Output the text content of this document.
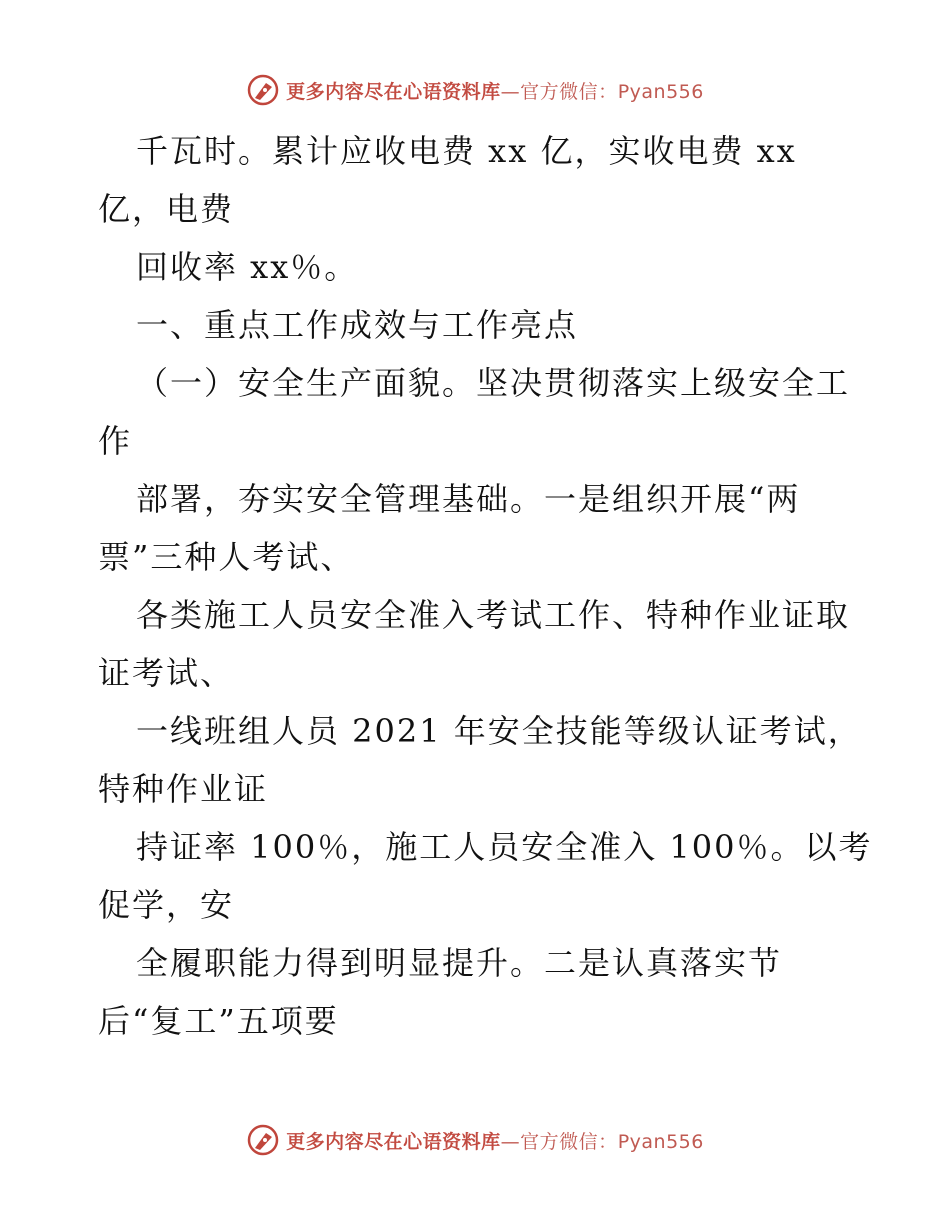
更多内容尽在心语资料库—官方微信：Pyan556
千瓦时。累计应收电费 xx 亿，实收电费 xx
亿，电费
回收率 xx％。
一、重点工作成效与工作亮点
（一）安全生产面貌。坚决贯彻落实上级安全工
作
部署，夯实安全管理基础。一是组织开展“两
票”三种人考试、
各类施工人员安全准入考试工作、特种作业证取
证考试、
一线班组人员 2021 年安全技能等级认证考试，
特种作业证
持证率 100％，施工人员安全准入 100％。以考
促学，安
全履职能力得到明显提升。二是认真落实节
后“复工”五项要
更多内容尽在心语资料库—官方微信：Pyan556
